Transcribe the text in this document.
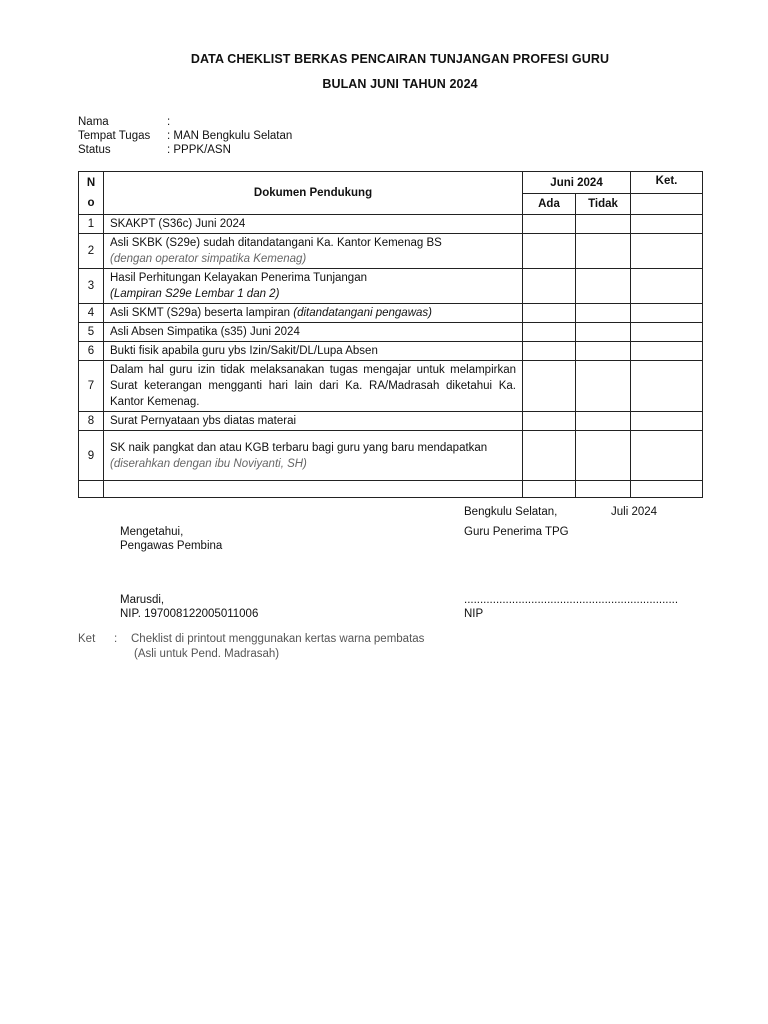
DATA CHEKLIST BERKAS PENCAIRAN TUNJANGAN PROFESI GURU
BULAN JUNI TAHUN 2024
Nama	:
Tempat Tugas : MAN Bengkulu Selatan
Status	: PPPK/ASN
N
o	Dokumen Pendukung	Juni 2024		Ket.
		Ada	Tidak	
1	SKAKPT (S36c) Juni 2024			
2	Asli SKBK (S29e) sudah ditandatangani Ka. Kantor Kemenag BS
(dengan operator simpatika Kemenag)			

3	Hasil Perhitungan Kelayakan Penerima Tunjangan
(Lampiran S29e Lembar 1 dan 2)			

4	Asli SKMT (S29a) beserta lampiran (ditandatangani pengawas)			
5	Asli Absen Simpatika (s35) Juni 2024			
6	Bukti fisik apabila guru ybs Izin/Sakit/DL/Lupa Absen			
7	Dalam hal guru izin tidak melaksanakan tugas mengajar untuk melampirkan Surat keterangan mengganti hari lain dari Ka. RA/Madrasah diketahui Ka. Kantor Kemenag.			
8	Surat Pernyataan ybs diatas materai			
9	SK naik pangkat dan atau KGB terbaru bagi guru yang baru mendapatkan
(diserahkan dengan ibu Noviyanti, SH)			

Bengkulu Selatan,	Juli 2024
Mengetahui,
Pengawas Pembina
Guru Penerima TPG
Marusdi,
NIP. 197008122005011006
...................................................................
NIP
Ket : Cheklist di printout menggunakan kertas warna pembatas
(Asli untuk Pend. Madrasah)
